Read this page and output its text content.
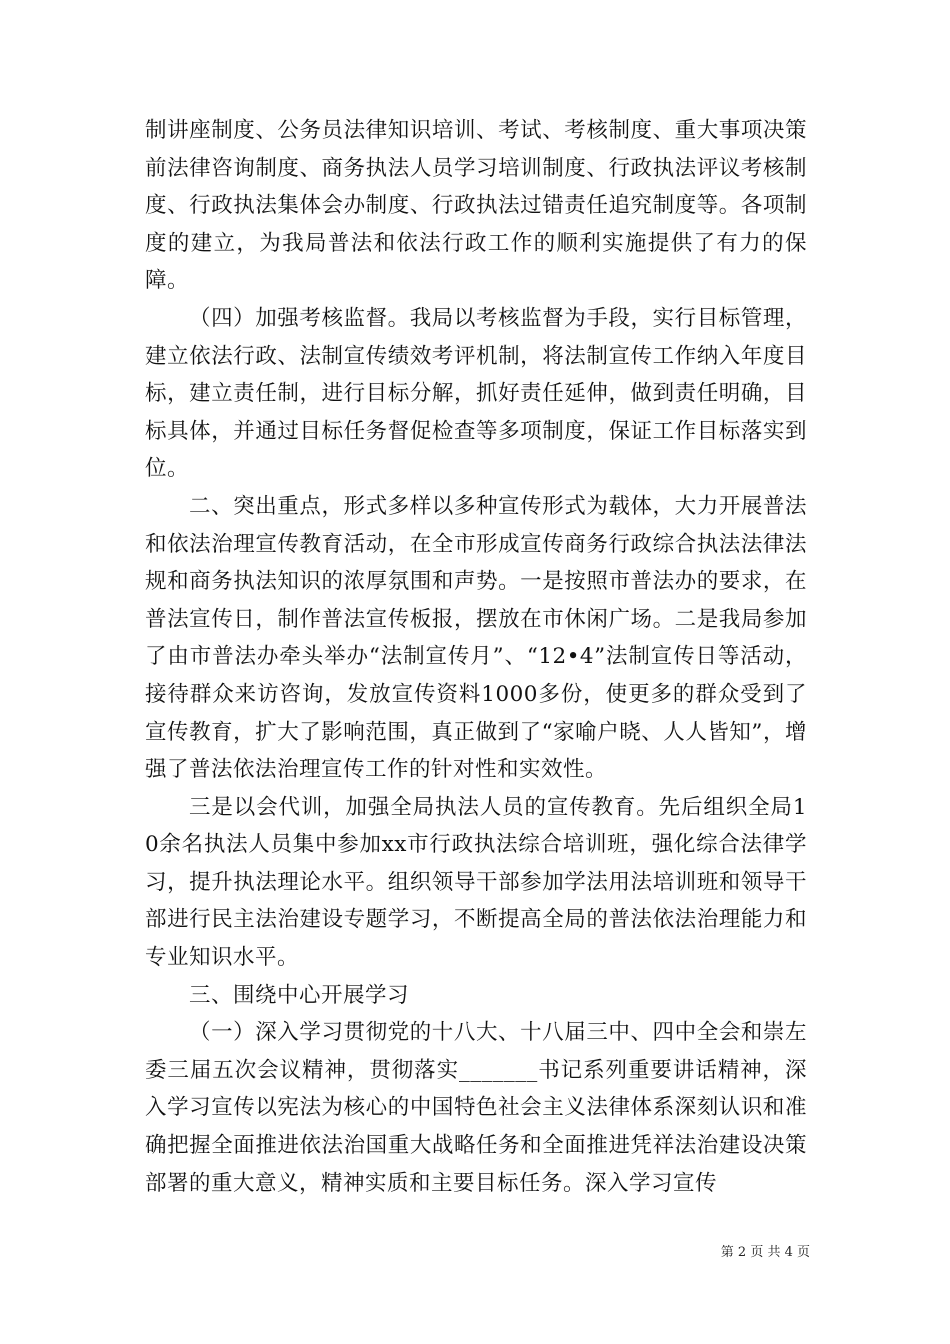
制讲座制度、公务员法律知识培训、考试、考核制度、重大事项决策前法律咨询制度、商务执法人员学习培训制度、行政执法评议考核制度、行政执法集体会办制度、行政执法过错责任追究制度等。各项制度的建立，为我局普法和依法行政工作的顺利实施提供了有力的保障。

（四）加强考核监督。我局以考核监督为手段，实行目标管理，建立依法行政、法制宣传绩效考评机制，将法制宣传工作纳入年度目标，建立责任制，进行目标分解，抓好责任延伸，做到责任明确，目标具体，并通过目标任务督促检查等多项制度，保证工作目标落实到位。

二、突出重点，形式多样以多种宣传形式为载体，大力开展普法和依法治理宣传教育活动，在全市形成宣传商务行政综合执法法律法规和商务执法知识的浓厚氛围和声势。一是按照市普法办的要求，在普法宣传日，制作普法宣传板报，摆放在市休闲广场。二是我局参加了由市普法办牵头举办“法制宣传月”、“12•4”法制宣传日等活动，接待群众来访咨询，发放宣传资料1000多份，使更多的群众受到了宣传教育，扩大了影响范围，真正做到了“家喻户晓、人人皆知”，增强了普法依法治理宣传工作的针对性和实效性。

三是以会代训，加强全局执法人员的宣传教育。先后组织全局10余名执法人员集中参加xx市行政执法综合培训班，强化综合法律学习，提升执法理论水平。组织领导干部参加学法用法培训班和领导干部进行民主法治建设专题学习，不断提高全局的普法依法治理能力和专业知识水平。

三、围绕中心开展学习

（一）深入学习贯彻党的十八大、十八届三中、四中全会和崇左委三届五次会议精神，贯彻落实_______书记系列重要讲话精神，深入学习宣传以宪法为核心的中国特色社会主义法律体系深刻认识和准确把握全面推进依法治国重大战略任务和全面推进凭祥法治建设决策部署的重大意义，精神实质和主要目标任务。深入学习宣传

第 2 页 共 4 页
